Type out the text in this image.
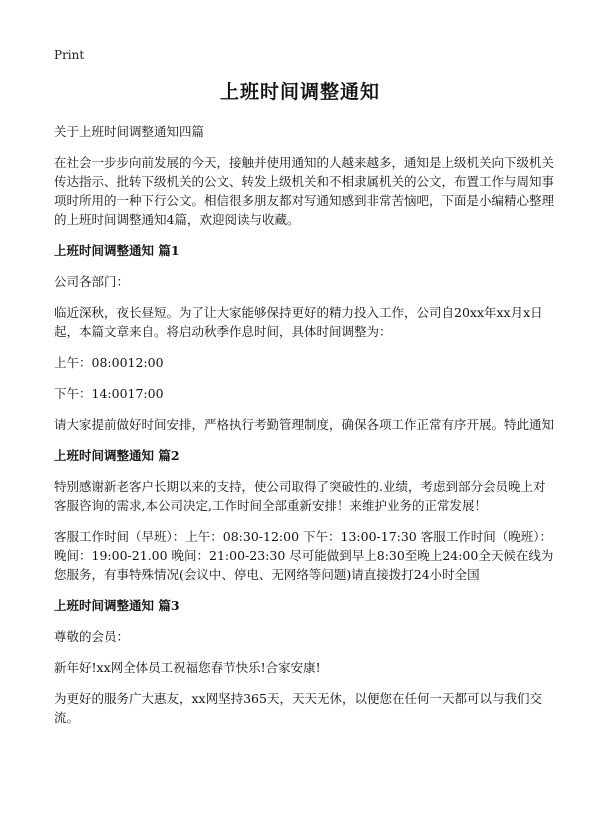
Print
上班时间调整通知

关于上班时间调整通知四篇

在社会一步步向前发展的今天，接触并使用通知的人越来越多，通知是上级机关向下级机关传达指示、批转下级机关的公文、转发上级机关和不相隶属机关的公文，布置工作与周知事项时所用的一种下行公文。相信很多朋友都对写通知感到非常苦恼吧，下面是小编精心整理的上班时间调整通知4篇，欢迎阅读与收藏。

上班时间调整通知 篇1

公司各部门：

临近深秋，夜长昼短。为了让大家能够保持更好的精力投入工作，公司自20xx年xx月x日起，本篇文章来自。将启动秋季作息时间，具体时间调整为：

上午：08:0012:00

下午：14:0017:00

请大家提前做好时间安排，严格执行考勤管理制度，确保各项工作正常有序开展。特此通知

上班时间调整通知 篇2

特别感谢新老客户长期以来的支持，使公司取得了突破性的.业绩，考虑到部分会员晚上对客服咨询的需求,本公司决定,工作时间全部重新安排！来维护业务的正常发展！

客服工作时间（早班）：上午：08:30-12:00 下午：13:00-17:30 客服工作时间（晚班）：晚间：19:00-21.00 晚间：21:00-23:30 尽可能做到早上8:30至晚上24:00全天候在线为您服务，有事特殊情况(会议中、停电、无网络等问题)请直接拨打24小时全国

上班时间调整通知 篇3

尊敬的会员：

新年好!xx网全体员工祝福您春节快乐!合家安康!

为更好的服务广大惠友，xx网坚持365天，天天无休，以便您在任何一天都可以与我们交流。
